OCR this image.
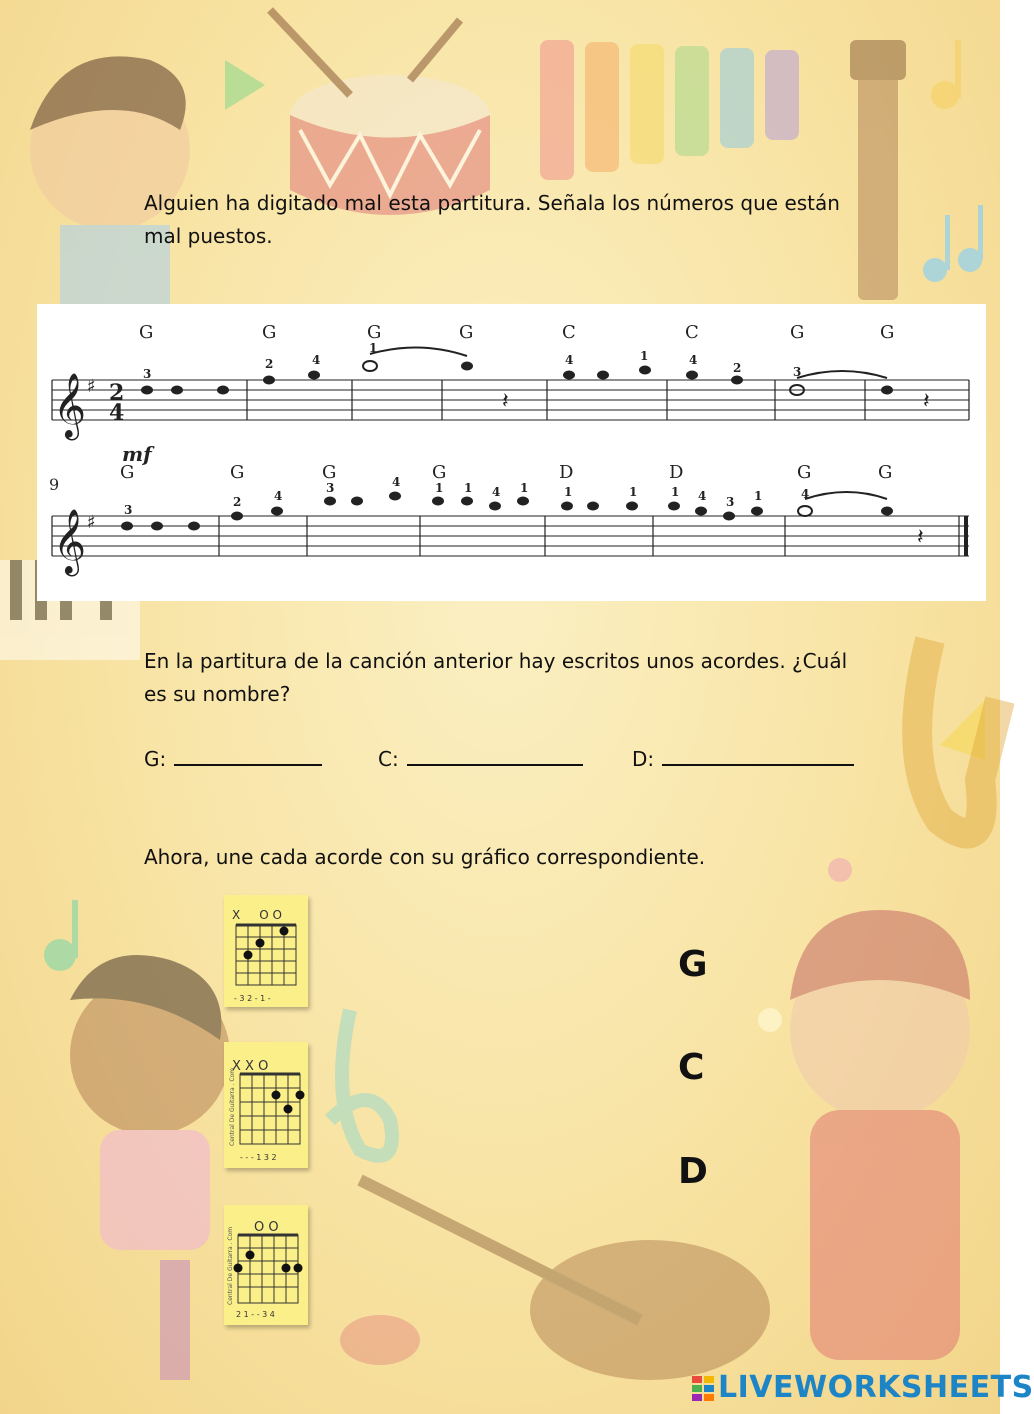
Alguien ha digitado mal esta partitura. Señala los números que están mal puestos.

𝄞
𝄞
♯
♯
2
4
9
mf
𝄽	𝄽
𝄽
G	G	G	G	C	C	G	G
3
2	4
1
4	1	4
2	3
G	G	G	G	D	D	G	G
3
2	4
3	4	1 1 4 1	1	1	1 4 3 1	4

En la partitura de la canción anterior hay escritos unos acordes. ¿Cuál es su nombre?

G:	C:	D:

Ahora, une cada acorde con su gráfico correspondiente.

X     O O
- 3 2 - 1 -
X X O
Central De Guitarra . Com
- - - 1 3 2
O O
Central De Guitarra . Com
2 1 - - 3 4
G
C
D
LIVEWORKSHEETS
